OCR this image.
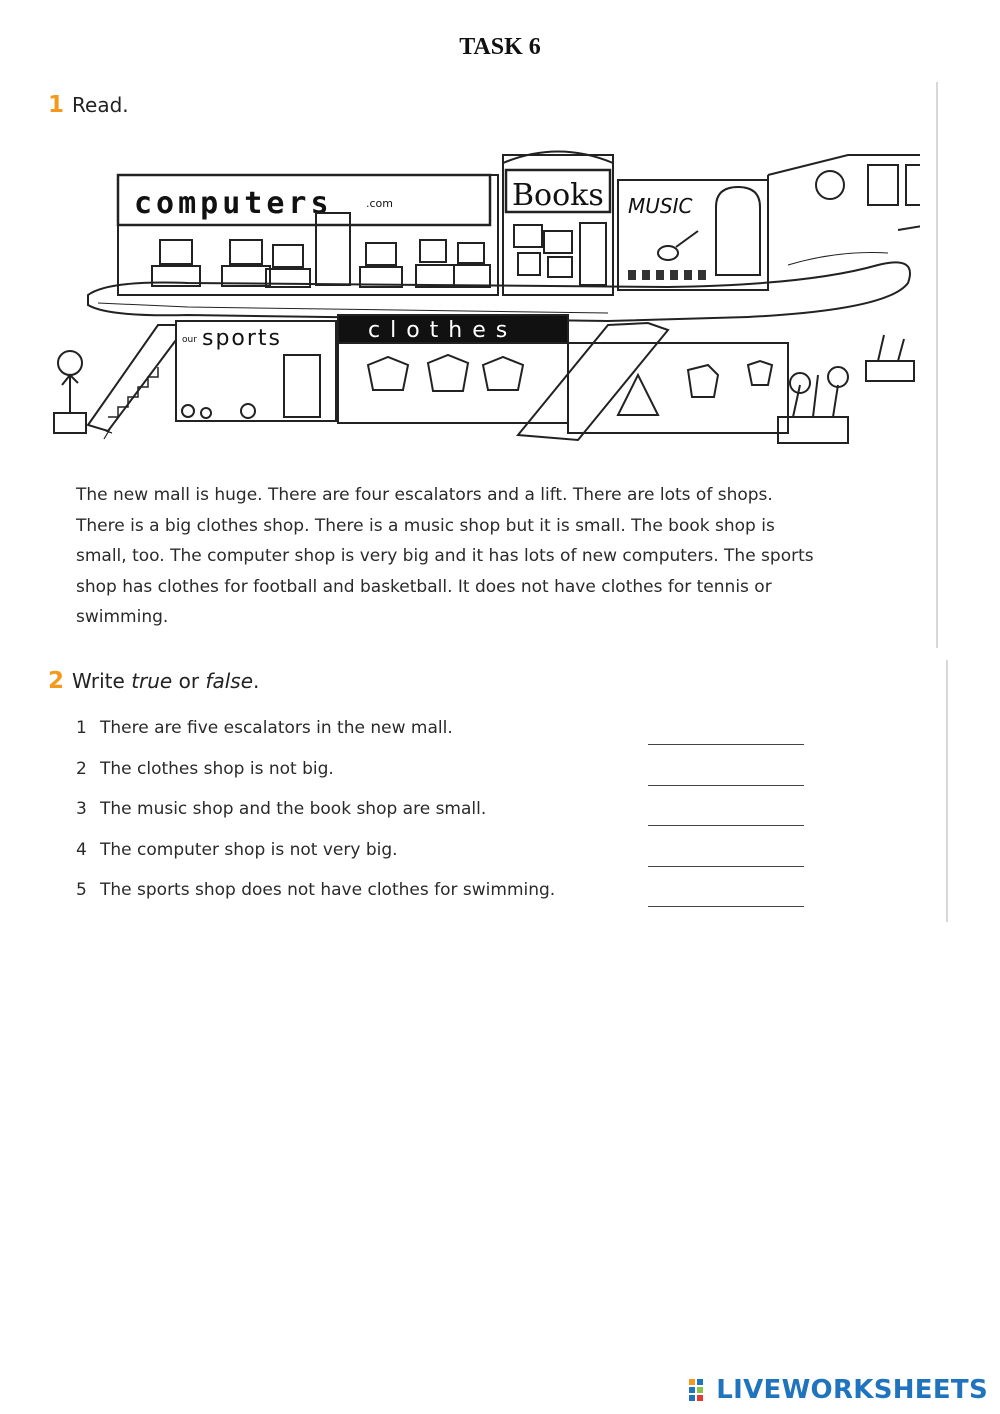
TASK 6
1 Read.
computers	.com	Books MUSIC
our sports	clothes

The new mall is huge. There are four escalators and a lift. There are lots of shops.

There is a big clothes shop. There is a music shop but it is small. The book shop is

small, too. The computer shop is very big and it has lots of new computers. The sports

shop has clothes for football and basketball. It does not have clothes for tennis or

swimming.

2 Write true or false.
1 There are five escalators in the new mall.
2 The clothes shop is not big.
3 The music shop and the book shop are small.
4 The computer shop is not very big.
5 The sports shop does not have clothes for swimming.
LIVEWORKSHEETS
